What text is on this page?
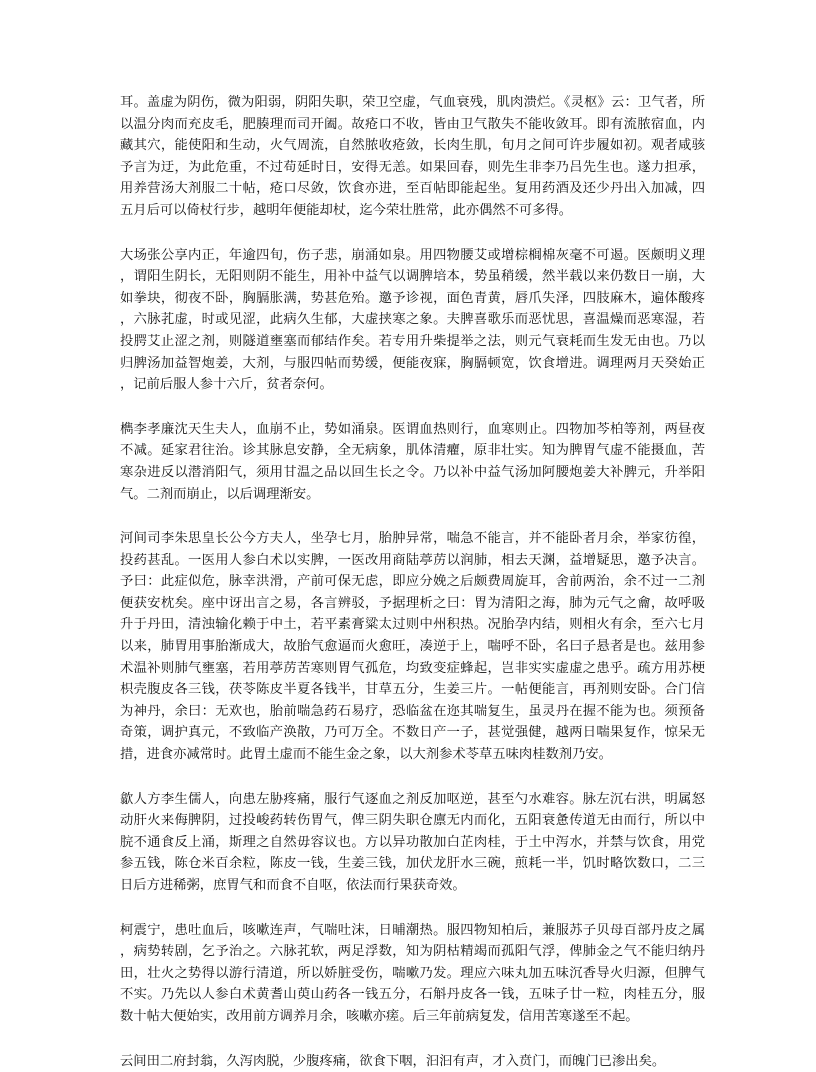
耳。盖虚为阴伤，微为阳弱，阴阳失职，荣卫空虚，气血衰残，肌肉溃烂。《灵枢》云：卫气者，所以温分肉而充皮毛，肥腠理而司开阖。故疮口不收，皆由卫气散失不能收敛耳。即有流脓宿血，内藏其穴，能使阳和生动，火气周流，自然脓收疮敛，长肉生肌，旬月之间可许步履如初。观者咸骇予言为迂，为此危重，不过苟延时日，安得无恙。如果回春，则先生非李乃吕先生也。遂力担承，用养营汤大剂服二十帖，疮口尽敛，饮食亦进，至百帖即能起坐。复用药酒及还少丹出入加减，四五月后可以倚杖行步，越明年便能却杖，迄今荣壮胜常，此亦偶然不可多得。

大场张公享内正，年逾四旬，伤子悲，崩涌如泉。用四物腰艾或增棕榈棉灰毫不可遏。医颇明义理，谓阳生阴长，无阳则阴不能生，用补中益气以调脾培本，势虽稍缓，然半载以来仍数日一崩，大如拳块，彻夜不卧，胸膈胀满，势甚危殆。邀予诊视，面色青黄，唇爪失泽，四肢麻木，遍体酸疼，六脉芤虚，时或见涩，此病久生郁，大虚挟寒之象。夫脾喜歌乐而恶忧思，喜温燥而恶寒湿，若投腭艾止涩之剂，则隧道壅塞而郁结作矣。若专用升柴提举之法，则元气衰耗而生发无由也。乃以归脾汤加益智炮姜，大剂，与服四帖而势缓，便能夜寐，胸膈顿宽，饮食增进。调理两月天癸始正，记前后服人参十六斤，贫者奈何。

檇李孝廉沈天生夫人，血崩不止，势如涌泉。医谓血热则行，血寒则止。四物加芩柏等剂，两昼夜不减。延家君往治。诊其脉息安静，全无病象，肌体清癯，原非壮实。知为脾胃气虚不能摄血，苦寒杂进反以潜消阳气，须用甘温之品以回生长之令。乃以补中益气汤加阿腰炮姜大补脾元，升举阳气。二剂而崩止，以后调理渐安。

河间司李朱思皇长公今方夫人，坐孕七月，胎肿异常，喘急不能言，并不能卧者月余，举家彷徨，投药甚乱。一医用人参白术以实脾，一医改用商陆葶苈以润肺，相去天渊，益增疑思，邀予决言。予曰：此症似危，脉幸洪滑，产前可保无虑，即应分娩之后颇费周旋耳，舍前两治，余不过一二剂便获安枕矣。座中讶出言之易，各言辨驳，予据理析之曰：胃为清阳之海，肺为元气之龠，故呼吸升于丹田，清浊输化赖于中土，若平素膏粱太过则中州积热。况胎孕内结，则相火有余，至六七月以来，肺胃用事胎渐成大，故胎气愈逼而火愈旺，凑逆于上，喘呼不卧，名曰子悬者是也。兹用参术温补则肺气壅塞，若用葶苈苦寒则胃气孤危，均致变症蜂起，岂非实实虚虚之患乎。疏方用苏梗枳壳腹皮各三钱，茯苓陈皮半夏各钱半，甘草五分，生姜三片。一帖便能言，再剂则安卧。合门信为神丹，余曰：无欢也，胎前喘急药石易疗，恐临盆在迩其喘复生，虽灵丹在握不能为也。须预备奇策，调护真元，不致临产涣散，乃可万全。不数日产一子，甚觉强健，越两日喘果复作，惊呆无措，进食亦减常时。此胃土虚而不能生金之象，以大剂参术苓草五味肉桂数剂乃安。

歙人方李生儒人，向患左胁疼痛，服行气逐血之剂反加呕逆，甚至勺水难容。脉左沉右洪，明属怒动肝火来侮脾阴，过投峻药转伤胃气，俾三阴失职仓廪无内而化，五阳衰惫传道无由而行，所以中脘不通食反上涌，斯理之自然毋容议也。方以异功散加白芷肉桂，于土中泻水，并禁与饮食，用党参五钱，陈仓米百余粒，陈皮一钱，生姜三钱，加伏龙肝水三碗，煎耗一半，饥时略饮数口，二三日后方进稀粥，庶胃气和而食不自呕，依法而行果获奇效。

柯震宁，患吐血后，咳嗽连声，气喘吐沫，日晡潮热。服四物知柏后，兼服苏子贝母百部丹皮之属，病势转剧，乞予治之。六脉芤软，两足浮数，知为阴枯精竭而孤阳气浮，俾肺金之气不能归纳丹田，壮火之势得以游行清道，所以娇脏受伤，喘嗽乃发。理应六味丸加五味沉香导火归源，但脾气不实。乃先以人参白术黄耆山萸山药各一钱五分，石斛丹皮各一钱，五味子廿一粒，肉桂五分，服数十帖大便始实，改用前方调养月余，咳嗽亦瘥。后三年前病复发，信用苦寒遂至不起。

云间田二府封翁，久泻肉脱，少腹疼痛，欲食下咽，汩汩有声，才入贲门，而魄门已渗出矣。
